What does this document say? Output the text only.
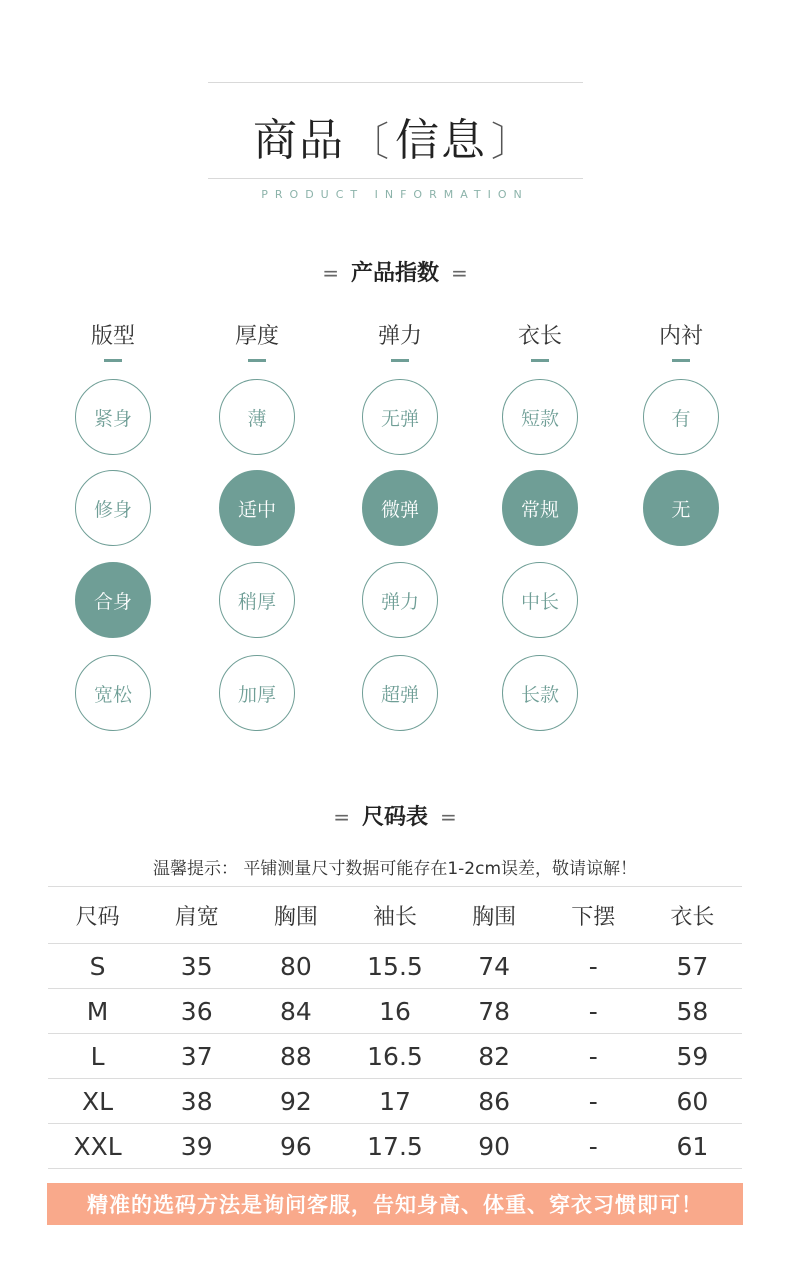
商品 〔信息 〕
PRODUCT INFORMATION
= 产品指数 =
版型	厚度	弹力	衣长	内衬
紧身
修身
合身
宽松
薄
适中
稍厚
加厚
无弹
微弹
弹力
超弹
短款
常规
中长
长款
有
无
= 尺码表 =
温馨提示： 平铺测量尺寸数据可能存在1-2cm误差，敬请谅解！
尺码	肩宽	胸围	袖长	胸围	下摆	衣长
S	35	80	15.5	74	-	57
M	36	84	16	78	-	58
L	37	88	16.5	82	-	59
XL	38	92	17	86	-	60
XXL	39	96	17.5	90	-	61
精准的选码方法是询问客服，告知身高、体重、穿衣习惯即可！
